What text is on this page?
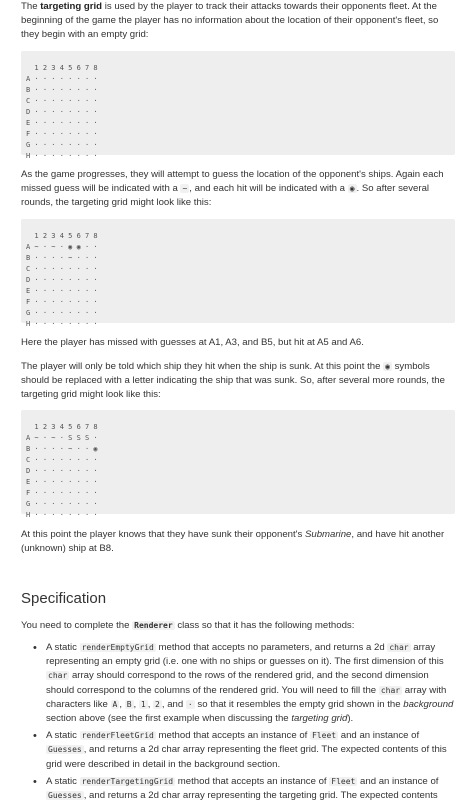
The targeting grid is used by the player to track their attacks towards their opponents fleet. At the beginning of the game the player has no information about the location of their opponent's fleet, so they begin with an empty grid:

1 2 3 4 5 6 7 8
A · · · · · · · ·
B · · · · · · · ·
C · · · · · · · ·
D · · · · · · · ·
E · · · · · · · ·
F · · · · · · · ·
G · · · · · · · ·
H · · · · · · · ·

As the game progresses, they will attempt to guess the location of the opponent's ships. Again each missed guess will be indicated with a ~ , and each hit will be indicated with a ◉ . So after several rounds, the targeting grid might look like this:

1 2 3 4 5 6 7 8
A ~ · ~ · ◉ ◉ · ·
B · · · · ~ · · ·
C · · · · · · · ·
D · · · · · · · ·
E · · · · · · · ·
F · · · · · · · ·
G · · · · · · · ·
H · · · · · · · ·

Here the player has missed with guesses at A1, A3, and B5, but hit at A5 and A6.

The player will only be told which ship they hit when the ship is sunk. At this point the ◉ symbols should be replaced with a letter indicating the ship that was sunk. So, after several more rounds, the targeting grid might look like this:

1 2 3 4 5 6 7 8
A ~ · ~ · S S S ·
B · · · · ~ · · ◉
C · · · · · · · ·
D · · · · · · · ·
E · · · · · · · ·
F · · · · · · · ·
G · · · · · · · ·
H · · · · · · · ·

At this point the player knows that they have sunk their opponent's Submarine, and have hit another (unknown) ship at B8.

Specification

You need to complete the Renderer class so that it has the following methods:

• A static renderEmptyGrid method that accepts no parameters, and returns a 2d char array representing an empty grid (i.e. one with no ships or guesses on it). The first dimension of this char array should correspond to the rows of the rendered grid, and the second dimension should correspond to the columns of the rendered grid. You will need to fill the char array with characters like A , B , 1 , 2 , and · so that it resembles the empty grid shown in the background section above (see the first example when discussing the targeting grid).
• A static renderFleetGrid method that accepts an instance of Fleet and an instance of Guesses , and returns a 2d char array representing the fleet grid. The expected contents of this grid were described in detail in the background section.
• A static renderTargetingGrid method that accepts an instance of Fleet and an instance of Guesses , and returns a 2d char array representing the targeting grid. The expected contents
